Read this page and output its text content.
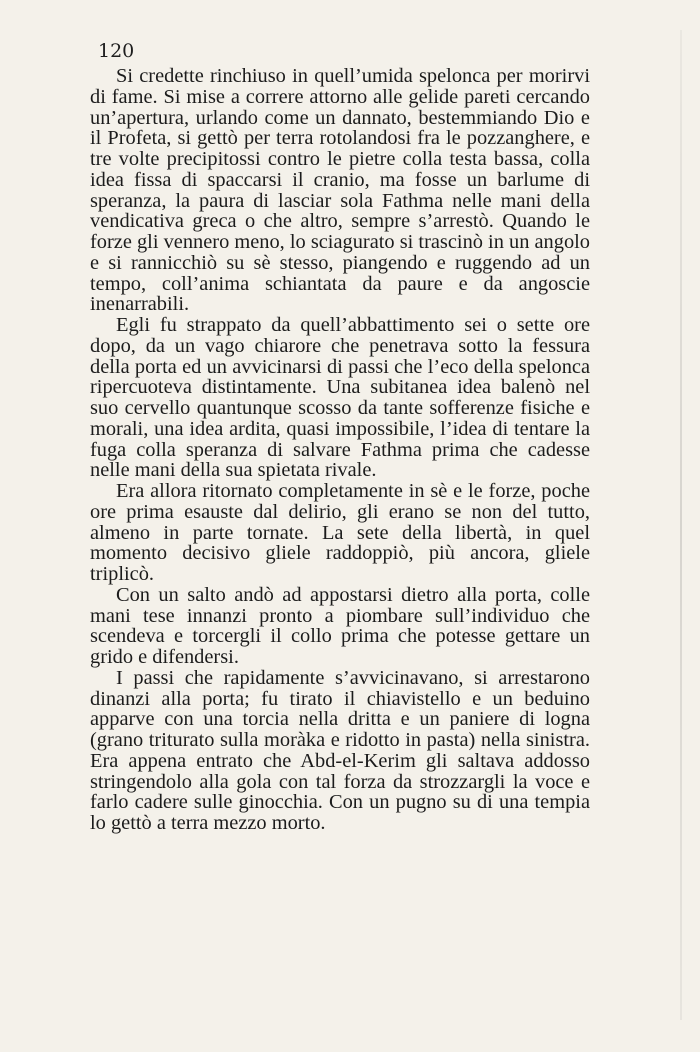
120

Si credette rinchiuso in quell’umida spelonca per morirvi di fame. Si mise a correre attorno alle gelide pareti cercando un’apertura, urlando come un dannato, bestemmiando Dio e il Profeta, si gettò per terra rotolandosi fra le pozzanghere, e tre volte precipitossi contro le pietre colla testa bassa, colla idea fissa di spaccarsi il cranio, ma fosse un barlume di speranza, la paura di lasciar sola Fathma nelle mani della vendicativa greca o che altro, sempre s’arrestò. Quando le forze gli vennero meno, lo sciagurato si trascinò in un angolo e si rannicchiò su sè stesso, piangendo e ruggendo ad un tempo, coll’anima schiantata da paure e da angoscie inenarrabili.

Egli fu strappato da quell’abbattimento sei o sette ore dopo, da un vago chiarore che penetrava sotto la fessura della porta ed un avvicinarsi di passi che l’eco della spelonca ripercuoteva distintamente. Una subitanea idea balenò nel suo cervello quantunque scosso da tante sofferenze fisiche e morali, una idea ardita, quasi impossibile, l’idea di tentare la fuga colla speranza di salvare Fathma prima che cadesse nelle mani della sua spietata rivale.

Era allora ritornato completamente in sè e le forze, poche ore prima esauste dal delirio, gli erano se non del tutto, almeno in parte tornate. La sete della libertà, in quel momento decisivo gliele raddoppiò, più ancora, gliele triplicò.

Con un salto andò ad appostarsi dietro alla porta, colle mani tese innanzi pronto a piombare sull’individuo che scendeva e torcergli il collo prima che potesse gettare un grido e difendersi.

I passi che rapidamente s’avvicinavano, si arrestarono dinanzi alla porta; fu tirato il chiavistello e un beduino apparve con una torcia nella dritta e un paniere di logna (grano triturato sulla moràka e ridotto in pasta) nella sinistra. Era appena entrato che Abd-el-Kerim gli saltava addosso stringendolo alla gola con tal forza da strozzargli la voce e farlo cadere sulle ginocchia. Con un pugno su di una tempia lo gettò a terra mezzo morto.
